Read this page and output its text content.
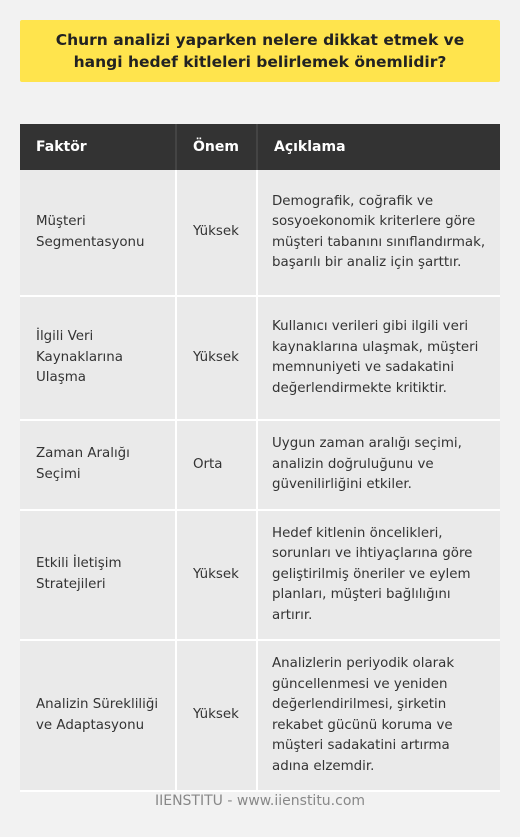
Churn analizi yaparken nelere dikkat etmek ve hangi hedef kitleleri belirlemek önemlidir?
Faktör	Önem	Açıklama
Müşteri Segmentasyonu	Yüksek	Demografik, coğrafik ve sosyoekonomik kriterlere göre müşteri tabanını sınıflandırmak, başarılı bir analiz için şarttır.
İlgili Veri Kaynaklarına Ulaşma	Yüksek	Kullanıcı verileri gibi ilgili veri kaynaklarına ulaşmak, müşteri memnuniyeti ve sadakatini değerlendirmekte kritiktir.
Zaman Aralığı Seçimi	Orta	Uygun zaman aralığı seçimi, analizin doğruluğunu ve güvenilirliğini etkiler.
Etkili İletişim Stratejileri	Yüksek	Hedef kitlenin öncelikleri, sorunları ve ihtiyaçlarına göre geliştirilmiş öneriler ve eylem planları, müşteri bağlılığını artırır.
Analizin Sürekliliği ve Adaptasyonu	Yüksek	Analizlerin periyodik olarak güncellenmesi ve yeniden değerlendirilmesi, şirketin rekabet gücünü koruma ve müşteri sadakatini artırma adına elzemdir.
IIENSTITU - www.iienstitu.com
